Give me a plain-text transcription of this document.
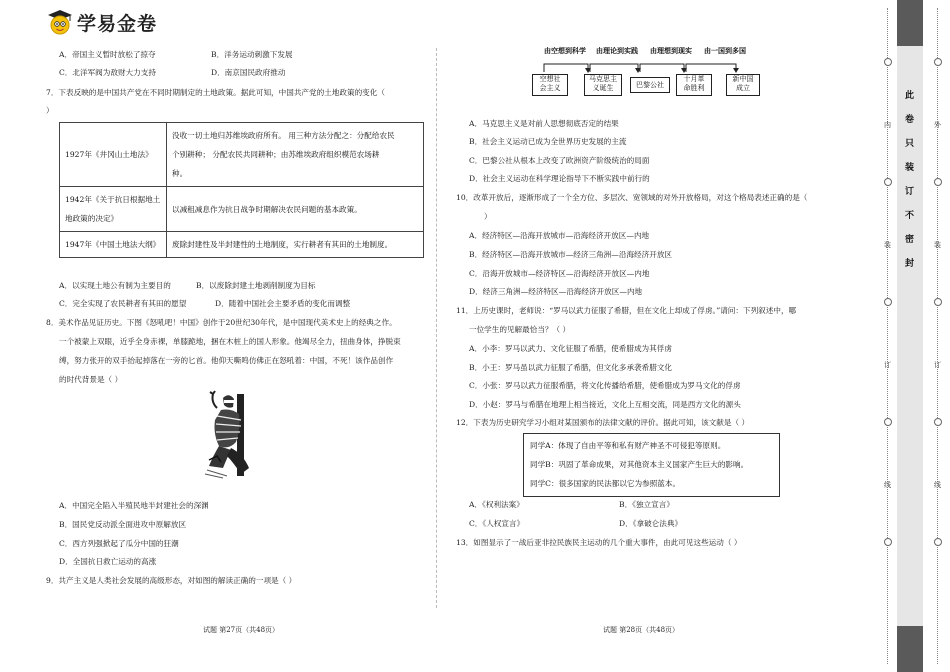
学易金卷
A．帝国主义暂时放松了掠夺	B．洋务运动刺激下发展
C．北洋军阀为敌财大力支持	D．南京国民政府推动
7．下表反映的是中国共产党在不同时期制定的土地政策。据此可知，中国共产党的土地政策的变化（
）
1927年《井冈山土地法》	没收一切土地归苏维埃政府所有。 用三种方法分配之：分配给农民
个别耕种； 分配农民共同耕种；由苏维埃政府组织模范农场耕
种。

1942年《关于抗日根据地土地政策的决定》	以减租减息作为抗日战争时期解决农民问题的基本政策。
1947年《中国土地法大纲》	废除封建性及半封建性的土地制度，实行耕者有其田的土地制度。
A．以实现土地公有制为主要目的	B．以废除封建土地剥削制度为目标
C．完全实现了农民耕者有其田的愿望	D．随着中国社会主要矛盾的变化而调整
8．美术作品见证历史。下图《怒吼吧！中国》创作于20世纪30年代，是中国现代美术史上的经典之作。
一个被蒙上双眼，近乎全身赤裸，单膝跪地，捆在木桩上的国人形象。他竭尽全力，扭曲身体，挣脱束
缚，努力张开的双手抬起掉落在一旁的匕首。他仰天嘶鸣仿佛正在怒吼着：中国，不死！该作品创作
的时代背景是（ ）
A．中国完全陷入半殖民地半封建社会的深渊
B．国民党反动派全面进攻中原解放区
C．西方列强掀起了瓜分中国的狂潮
D．全国抗日救亡运动的高涨
9．共产主义是人类社会发展的高级形态，对如图的解读正确的一项是（ ）
试题 第27页（共48页）
由空想到科学 由理论到实践 由理想到现实 由一国到多国
空想社
会主义
马克思主
义诞生	巴黎公社
十月革
命胜利
新中国
成立
A．马克思主义是对前人思想彻底否定的结果
B．社会主义运动已成为全世界历史发展的主流
C．巴黎公社从根本上改变了欧洲资产阶级统治的局面
D．社会主义运动在科学理论指导下不断实践中前行的
10．改革开放后，逐渐形成了一个全方位、多层次、宽领域的对外开放格局，对这个格局表述正确的是（
）
A．经济特区—沿海开放城市—沿海经济开放区—内地
B．经济特区—沿海开放城市—经济三角洲—沿海经济开放区
C．沿海开放城市—经济特区—沿海经济开放区—内地
D．经济三角洲—经济特区—沿海经济开放区—内地
11．上历史课时，老师说：“罗马以武力征服了希腊，但在文化上却成了俘虏。”请问：下列叙述中，哪
一位学生的见解最恰当？（ ）
A．小李：罗马以武力、文化征服了希腊，使希腊成为其俘虏
B．小王：罗马虽以武力征服了希腊，但文化多承袭希腊文化
C．小张：罗马以武力征服希腊，将文化传播给希腊，使希腊成为罗马文化的俘虏
D．小赵：罗马与希腊在地理上相当接近，文化上互相交流，同是西方文化的源头
12．下表为历史研究学习小组对某国颁布的法律文献的评价。据此可知，该文献是（ ）
同学A：体现了自由平等和私有财产神圣不可侵犯等原则。
同学B：巩固了革命成果，对其他资本主义国家产生巨大的影响。
同学C：很多国家的民法都以它为参照蓝本。
A．《权利法案》	B．《独立宣言》
C．《人权宣言》	D．《拿破仑法典》
13．如图显示了一战后亚非拉民族民主运动的几个重大事件，由此可见这些运动（ ）
试题 第28页（共48页）
内
装
订
线
此
卷
只
装
订
不
密
封
外
装
订
线
